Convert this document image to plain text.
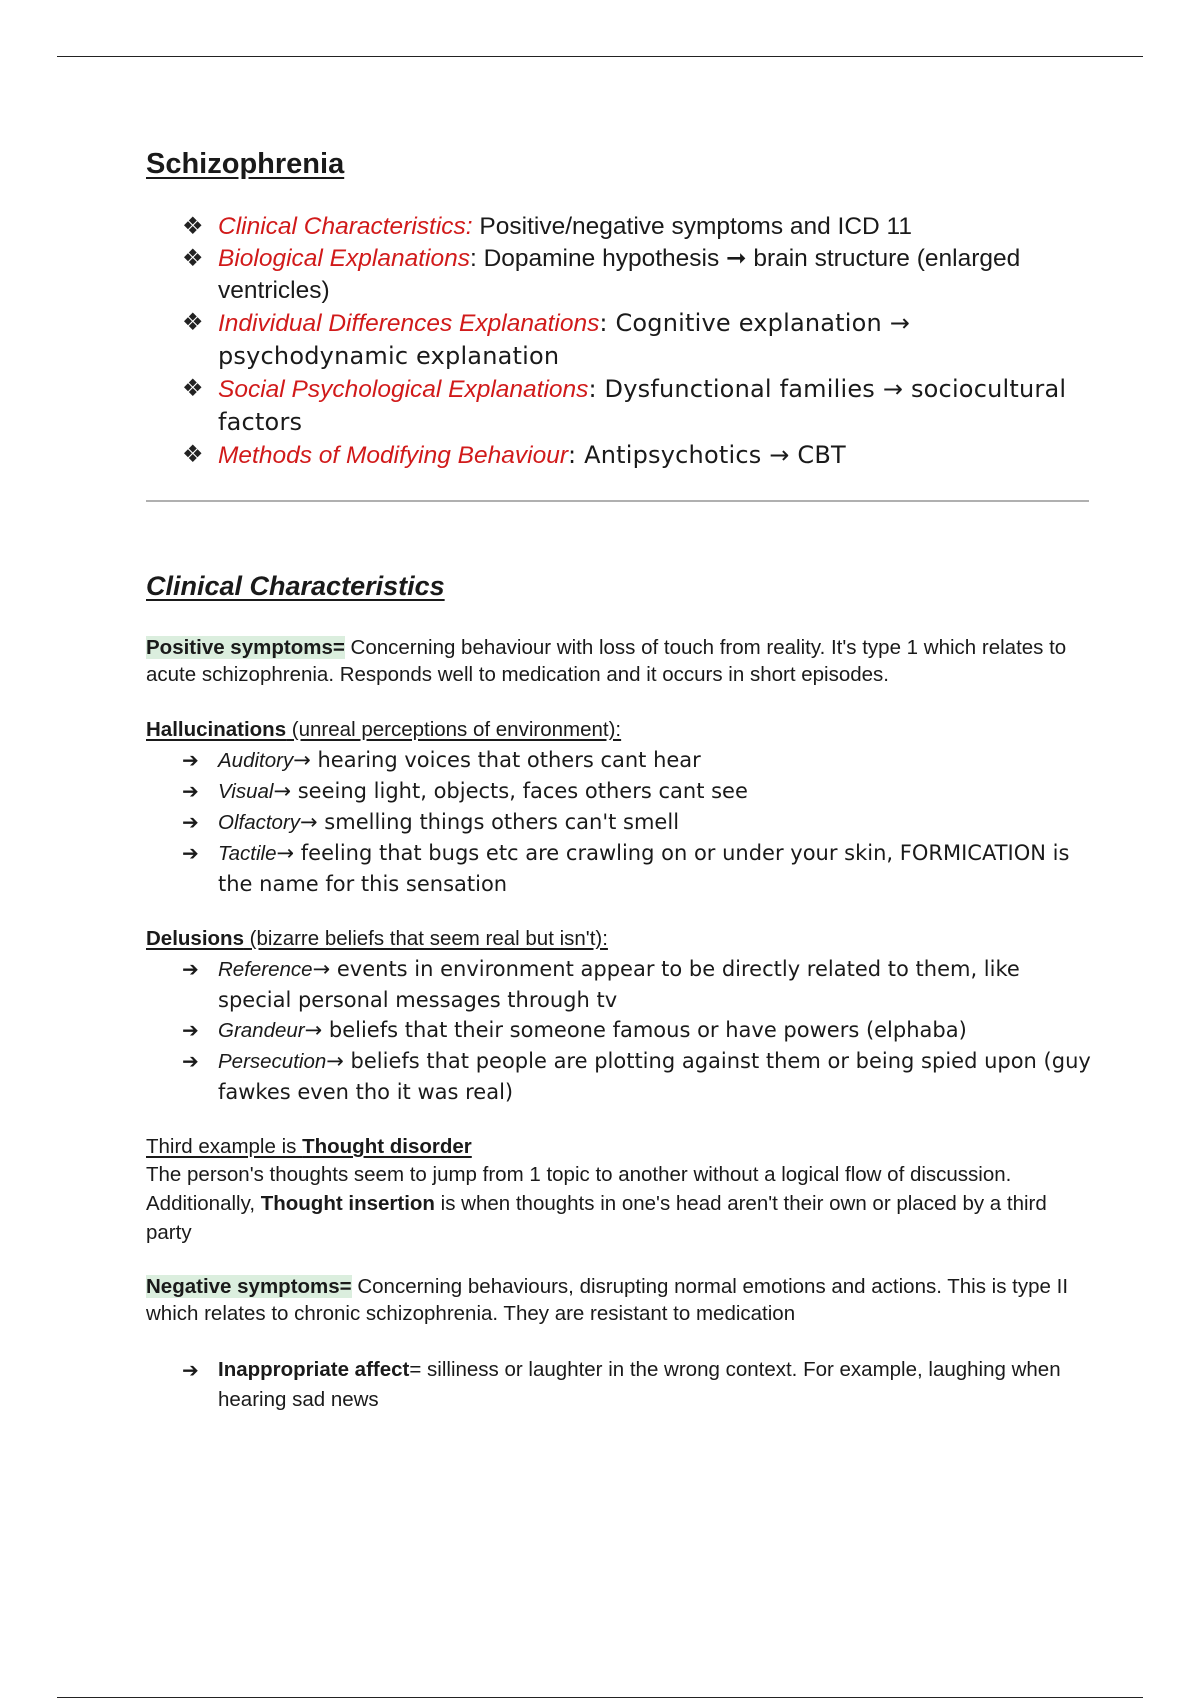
Schizophrenia
❖ Clinical Characteristics: Positive/negative symptoms and ICD 11
❖ Biological Explanations: Dopamine hypothesis ➞ brain structure (enlarged ventricles)
❖ Individual Differences Explanations: Cognitive explanation → psychodynamic explanation
❖ Social Psychological Explanations: Dysfunctional families → sociocultural factors
❖ Methods of Modifying Behaviour: Antipsychotics → CBT
Clinical Characteristics

Positive symptoms= Concerning behaviour with loss of touch from reality. It's type 1 which relates to acute schizophrenia. Responds well to medication and it occurs in short episodes.

Hallucinations (unreal perceptions of environment):

➔ Auditory→ hearing voices that others cant hear
➔ Visual→ seeing light, objects, faces others cant see
➔ Olfactory→ smelling things others can't smell
➔ Tactile→ feeling that bugs etc are crawling on or under your skin, FORMICATION is the name for this sensation

Delusions (bizarre beliefs that seem real but isn't):

➔ Reference→ events in environment appear to be directly related to them, like special personal messages through tv
➔ Grandeur→ beliefs that their someone famous or have powers (elphaba)
➔ Persecution→ beliefs that people are plotting against them or being spied upon (guy fawkes even tho it was real)

Third example is Thought disorder

The person's thoughts seem to jump from 1 topic to another without a logical flow of discussion. Additionally, Thought insertion is when thoughts in one's head aren't their own or placed by a third party

Negative symptoms= Concerning behaviours, disrupting normal emotions and actions. This is type II which relates to chronic schizophrenia. They are resistant to medication

➔ Inappropriate affect= silliness or laughter in the wrong context. For example, laughing when hearing sad news
